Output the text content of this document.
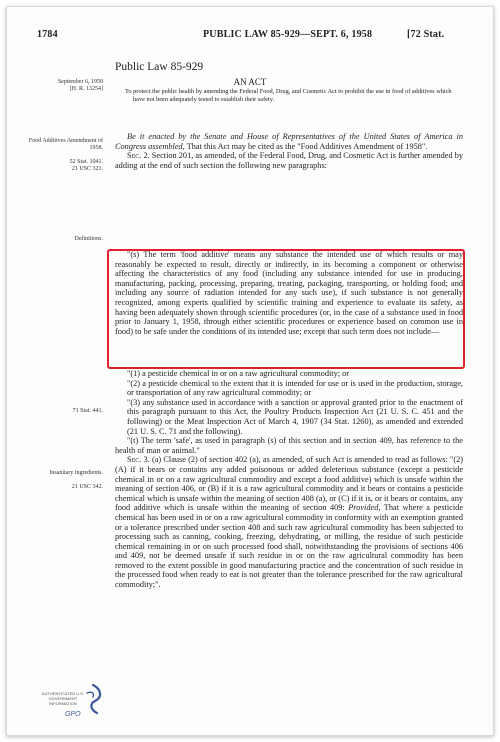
1784	PUBLIC LAW 85-929—SEPT. 6, 1958	[72 Stat.
Public Law 85-929
AN ACT
September 6, 1958
[H. R. 13254]	To protect the public health by amending the Federal Food, Drug, and Cosmetic Act to prohibit the use in food of additives which have not been adequately tested to establish their safety.
Food Additives Amendment of 1958.
52 Stat. 1041.
21 USC 321.
Definitions.
71 Stat. 441.
Insanitary ingredients.
21 USC 342.

Be it enacted by the Senate and House of Representatives of the United States of America in Congress assembled, That this Act may be cited as the "Food Additives Amendment of 1958".

Sec. 2. Section 201, as amended, of the Federal Food, Drug, and Cosmetic Act is further amended by adding at the end of such section the following new paragraphs:

"(s) The term 'food additive' means any substance the intended use of which results or may reasonably be expected to result, directly or indirectly, in its becoming a component or otherwise affecting the characteristics of any food (including any substance intended for use in producing, manufacturing, packing, processing, preparing, treating, packaging, transporting, or holding food; and including any source of radiation intended for any such use), if such substance is not generally recognized, among experts qualified by scientific training and experience to evaluate its safety, as having been adequately shown through scientific procedures (or, in the case of a substance used in food prior to January 1, 1958, through either scientific procedures or experience based on common use in food) to be safe under the conditions of its intended use; except that such term does not include—

"(1) a pesticide chemical in or on a raw agricultural commodity; or

"(2) a pesticide chemical to the extent that it is intended for use or is used in the production, storage, or transportation of any raw agricultural commodity; or

"(3) any substance used in accordance with a sanction or approval granted prior to the enactment of this paragraph pursuant to this Act, the Poultry Products Inspection Act (21 U. S. C. 451 and the following) or the Meat Inspection Act of March 4, 1907 (34 Stat. 1260), as amended and extended (21 U. S. C. 71 and the following).

"(t) The term 'safe', as used in paragraph (s) of this section and in section 409, has reference to the health of man or animal."

Sec. 3. (a) Clause (2) of section 402 (a), as amended, of such Act is amended to read as follows: "(2) (A) if it bears or contains any added poisonous or added deleterious substance (except a pesticide chemical in or on a raw agricultural commodity and except a food additive) which is unsafe within the meaning of section 406, or (B) if it is a raw agricultural commodity and it bears or contains a pesticide chemical which is unsafe within the meaning of section 408 (a), or (C) if it is, or it bears or contains, any food additive which is unsafe within the meaning of section 409: Provided, That where a pesticide chemical has been used in or on a raw agricultural commodity in conformity with an exemption granted or a tolerance prescribed under section 408 and such raw agricultural commodity has been subjected to processing such as canning, cooking, freezing, dehydrating, or milling, the residue of such pesticide chemical remaining in or on such processed food shall, notwithstanding the provisions of sections 406 and 409, not be deemed unsafe if such residue in or on the raw agricultural commodity has been removed to the extent possible in good manufacturing practice and the concentration of such residue in the processed food when ready to eat is not greater than the tolerance prescribed for the raw agricultural commodity;".

AUTHENTICATED U.S. GOVERNMENT INFORMATION
GPO
